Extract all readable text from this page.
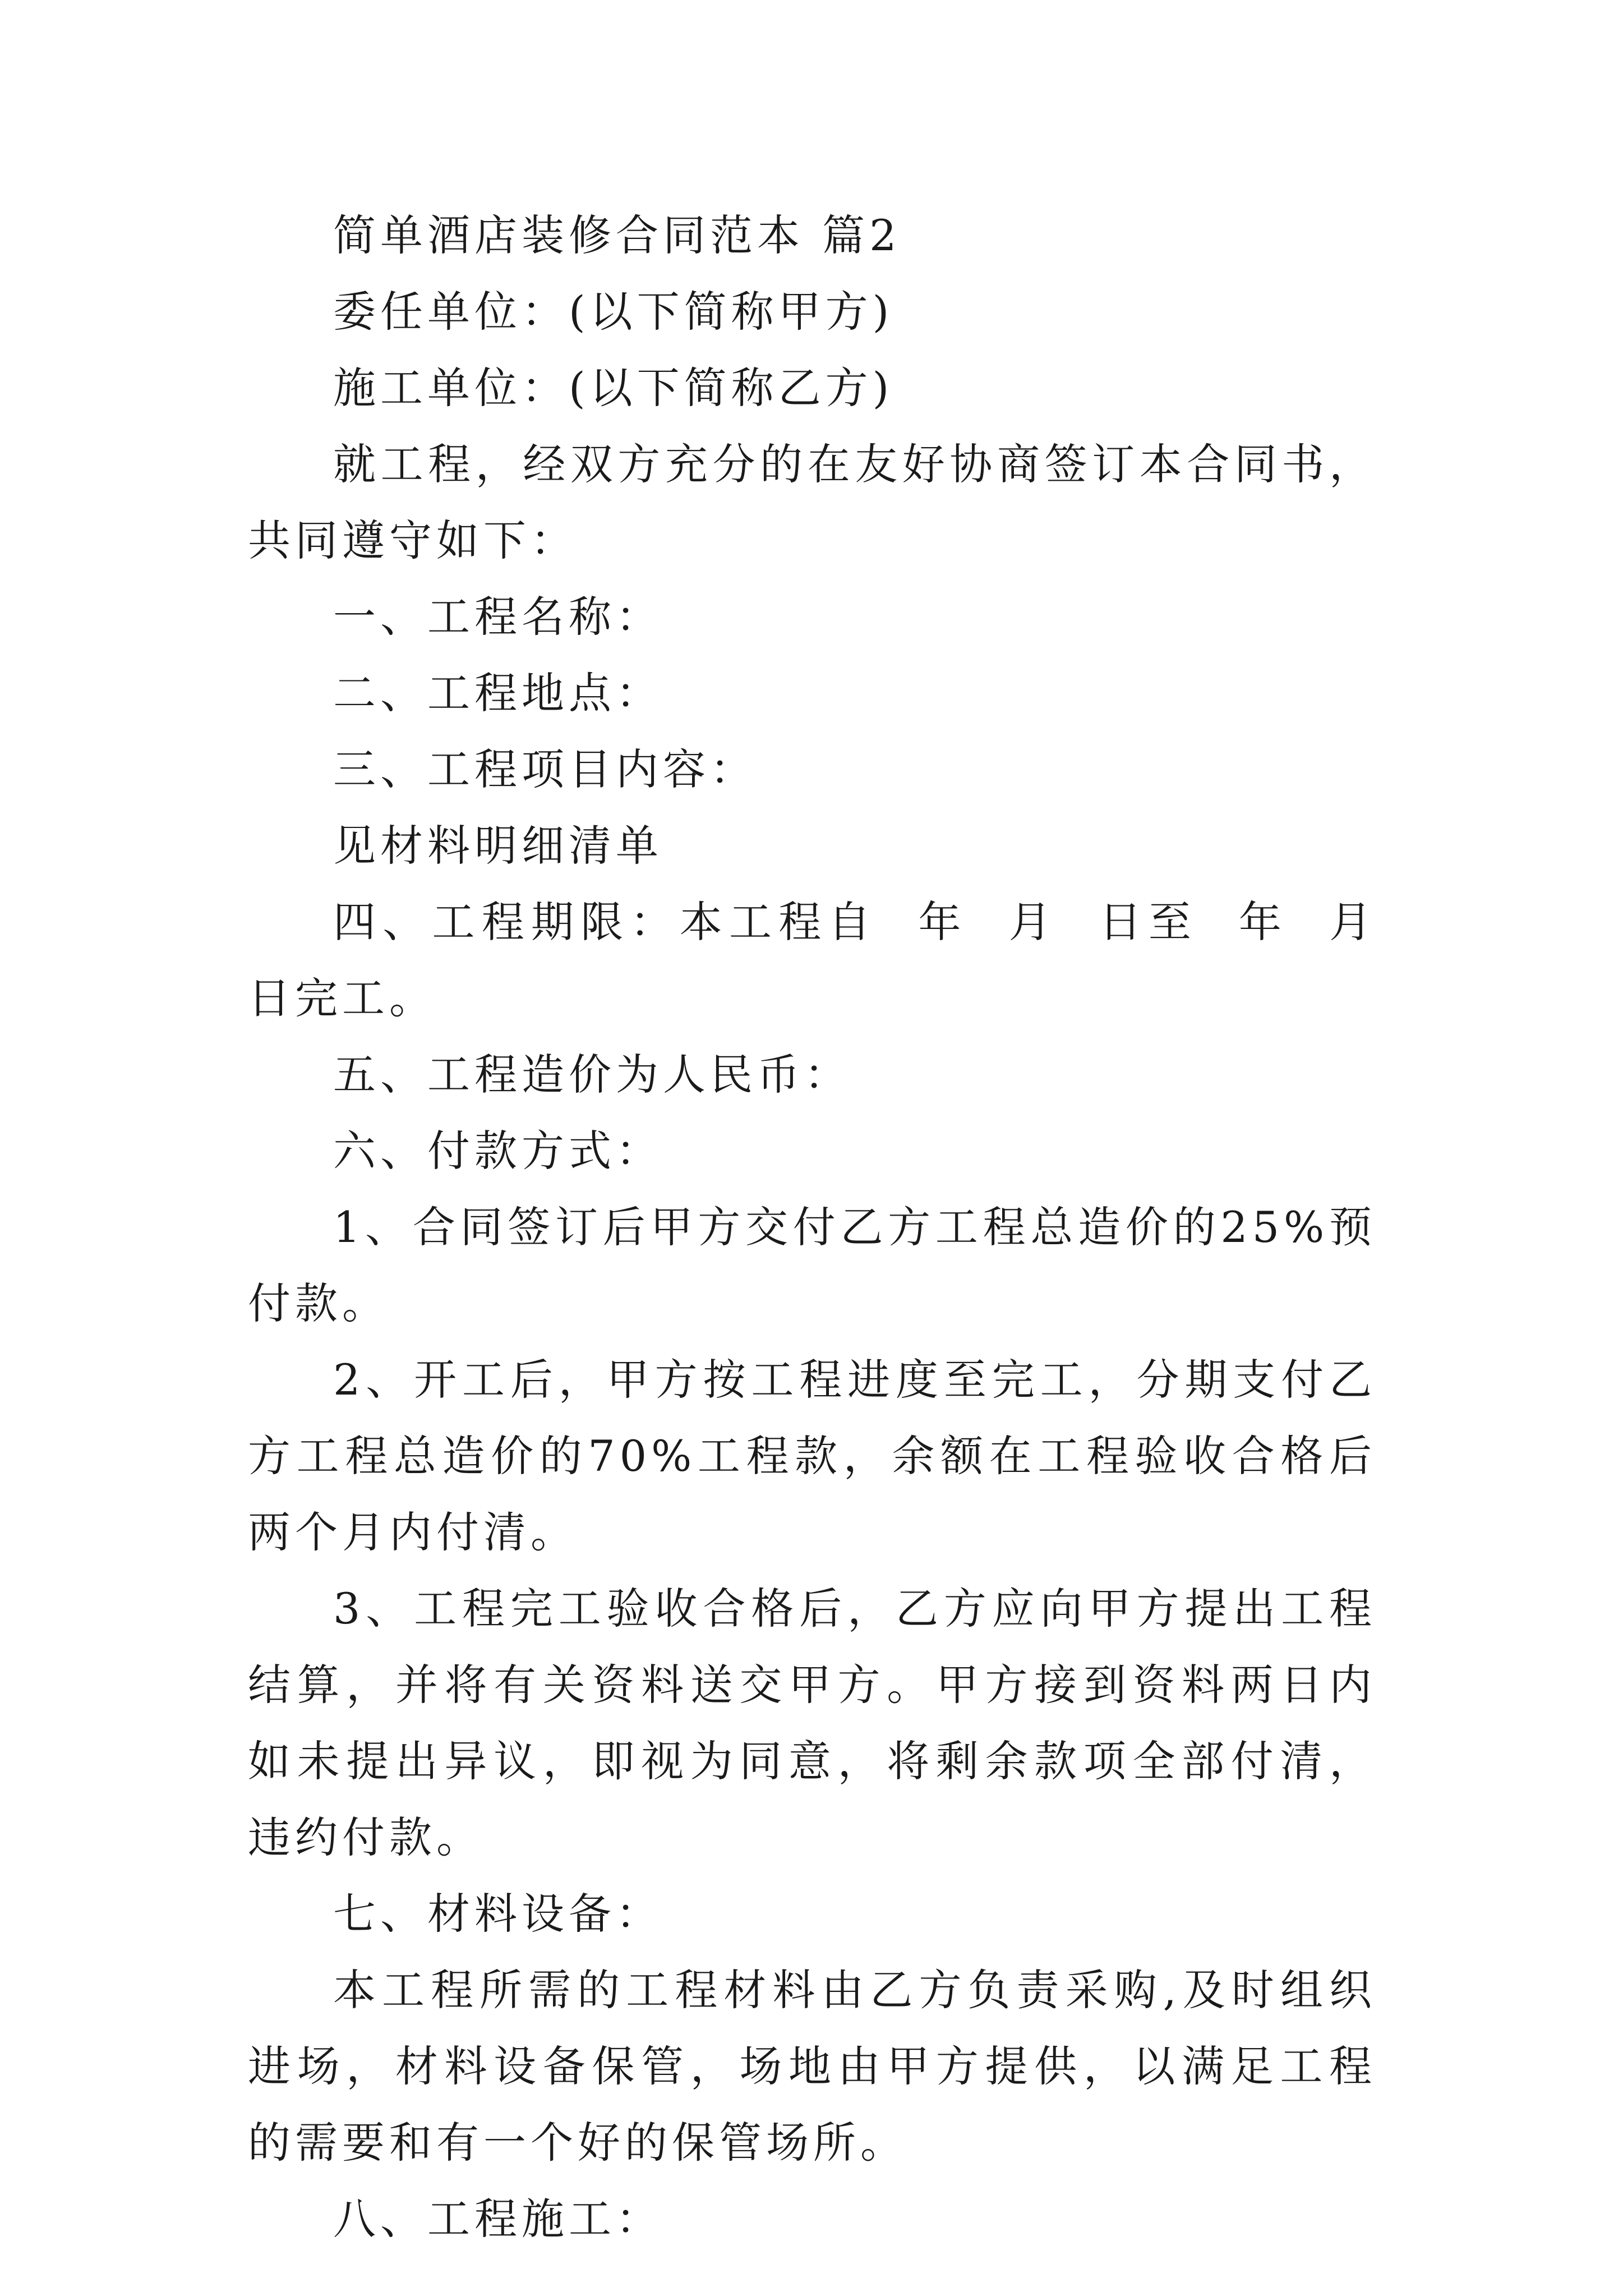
简单酒店装修合同范本 篇2

委任单位：(以下简称甲方)

施工单位：(以下简称乙方)

就工程，经双方充分的在友好协商签订本合同书，共同遵守如下：

一、工程名称：

二、工程地点：

三、工程项目内容：

见材料明细清单

四、工程期限：本工程自  年  月  日至  年  月  日完工。

五、工程造价为人民币：

六、付款方式：

1、合同签订后甲方交付乙方工程总造价的25%预付款。

2、开工后，甲方按工程进度至完工，分期支付乙方工程总造价的70%工程款，余额在工程验收合格后两个月内付清。

3、工程完工验收合格后，乙方应向甲方提出工程结算，并将有关资料送交甲方。甲方接到资料两日内如未提出异议，即视为同意，将剩余款项全部付清，违约付款。

七、材料设备：

本工程所需的工程材料由乙方负责采购,及时组织进场，材料设备保管，场地由甲方提供，以满足工程的需要和有一个好的保管场所。

八、工程施工：
